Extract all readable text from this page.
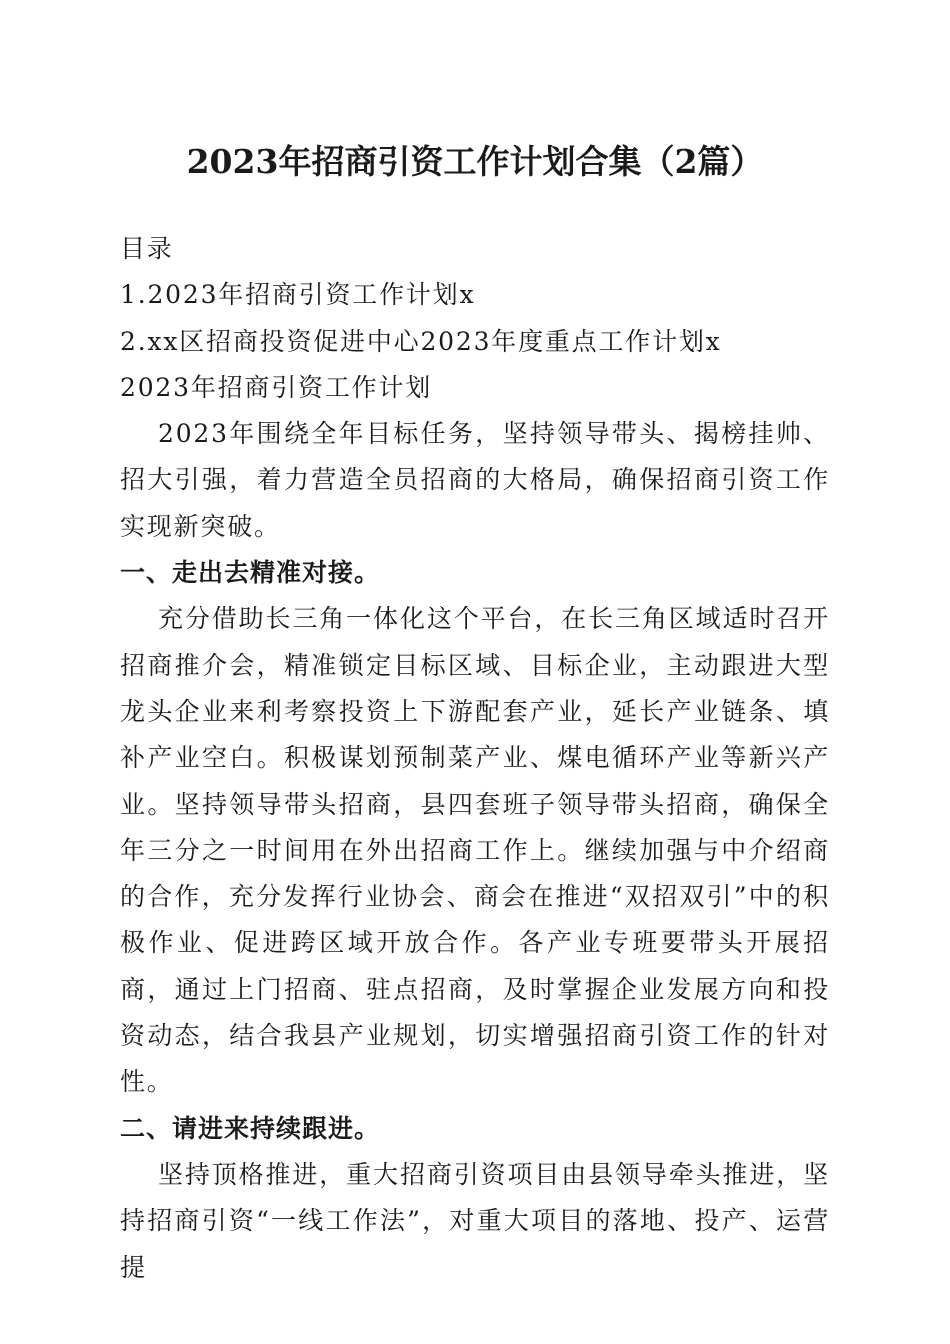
2023年招商引资工作计划合集（2篇）

目录

1.2023年招商引资工作计划x

2.xx区招商投资促进中心2023年度重点工作计划x

2023年招商引资工作计划

2023年围绕全年目标任务，坚持领导带头、揭榜挂帅、招大引强，着力营造全员招商的大格局，确保招商引资工作实现新突破。

一、走出去精准对接。

充分借助长三角一体化这个平台，在长三角区域适时召开招商推介会，精准锁定目标区域、目标企业，主动跟进大型龙头企业来利考察投资上下游配套产业，延长产业链条、填补产业空白。积极谋划预制菜产业、煤电循环产业等新兴产业。坚持领导带头招商，县四套班子领导带头招商，确保全年三分之一时间用在外出招商工作上。继续加强与中介绍商的合作，充分发挥行业协会、商会在推进“双招双引”中的积极作业、促进跨区域开放合作。各产业专班要带头开展招商，通过上门招商、驻点招商，及时掌握企业发展方向和投资动态，结合我县产业规划，切实增强招商引资工作的针对性。

二、请进来持续跟进。

坚持顶格推进，重大招商引资项目由县领导牵头推进，坚持招商引资“一线工作法”，对重大项目的落地、投产、运营提
